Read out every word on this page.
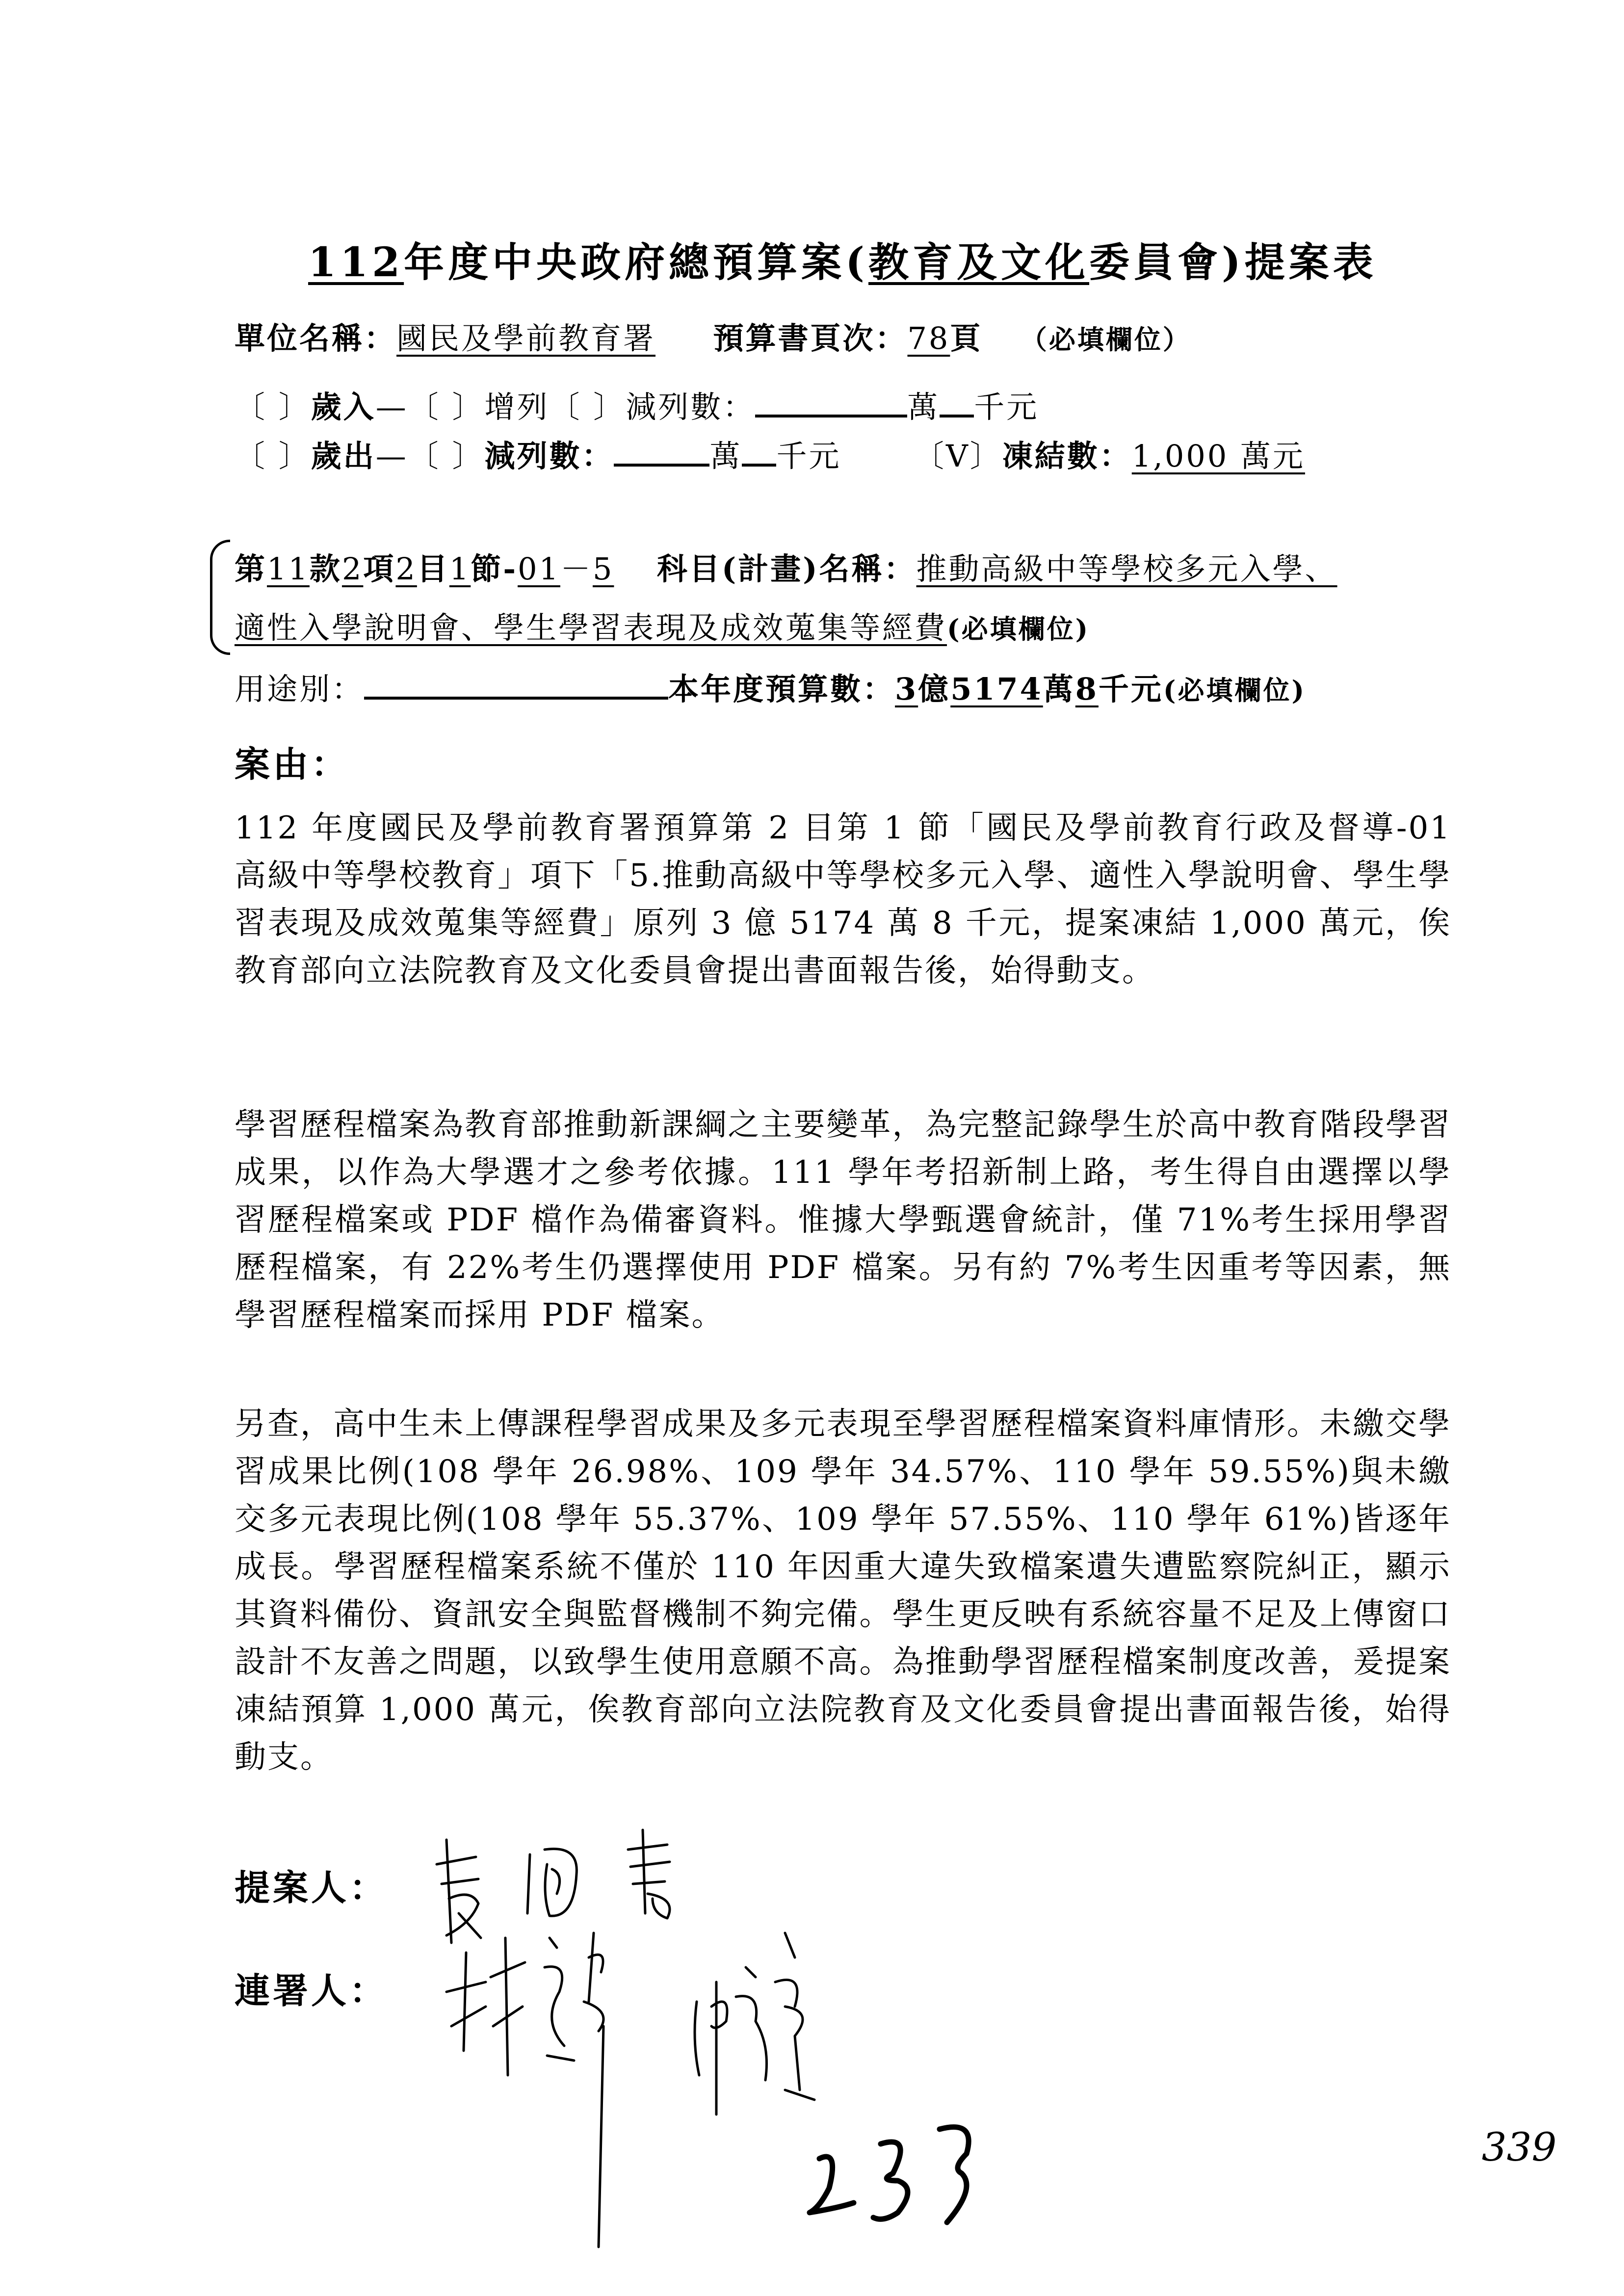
112年度中央政府總預算案(教育及文化委員會)提案表
單位名稱：國民及學前教育署 預算書頁次：78頁 （必填欄位）
〔 〕歲入—〔 〕增列〔 〕減列數：	萬 千元
〔 〕歲出—〔 〕減列數：	萬 千元 〔V〕凍結數：1,000 萬元
第11款2項2目1節-01－5 科目(計畫)名稱：推動高級中等學校多元入學、
適性入學說明會、學生學習表現及成效蒐集等經費(必填欄位)
用途別：	本年度預算數：3億5174萬8千元(必填欄位)
案由：
112 年度國民及學前教育署預算第 2 目第 1 節「國民及學前教育行政及督導-01 高級中等學校教育」項下「5.推動高級中等學校多元入學、適性入學說明會、學生學習表現及成效蒐集等經費」原列 3 億 5174 萬 8 千元，提案凍結 1,000 萬元，俟教育部向立法院教育及文化委員會提出書面報告後，始得動支。
學習歷程檔案為教育部推動新課綱之主要變革，為完整記錄學生於高中教育階段學習成果，以作為大學選才之參考依據。111 學年考招新制上路，考生得自由選擇以學習歷程檔案或 PDF 檔作為備審資料。惟據大學甄選會統計，僅 71%考生採用學習歷程檔案，有 22%考生仍選擇使用 PDF 檔案。另有約 7%考生因重考等因素，無學習歷程檔案而採用 PDF 檔案。
另查，高中生未上傳課程學習成果及多元表現至學習歷程檔案資料庫情形。未繳交學習成果比例(108 學年 26.98%、109 學年 34.57%、110 學年 59.55%)與未繳交多元表現比例(108 學年 55.37%、109 學年 57.55%、110 學年 61%)皆逐年成長。學習歷程檔案系統不僅於 110 年因重大違失致檔案遺失遭監察院糾正，顯示其資料備份、資訊安全與監督機制不夠完備。學生更反映有系統容量不足及上傳窗口設計不友善之問題，以致學生使用意願不高。為推動學習歷程檔案制度改善，爰提案凍結預算 1,000 萬元，俟教育部向立法院教育及文化委員會提出書面報告後，始得動支。
提案人：
連署人：
233
339
